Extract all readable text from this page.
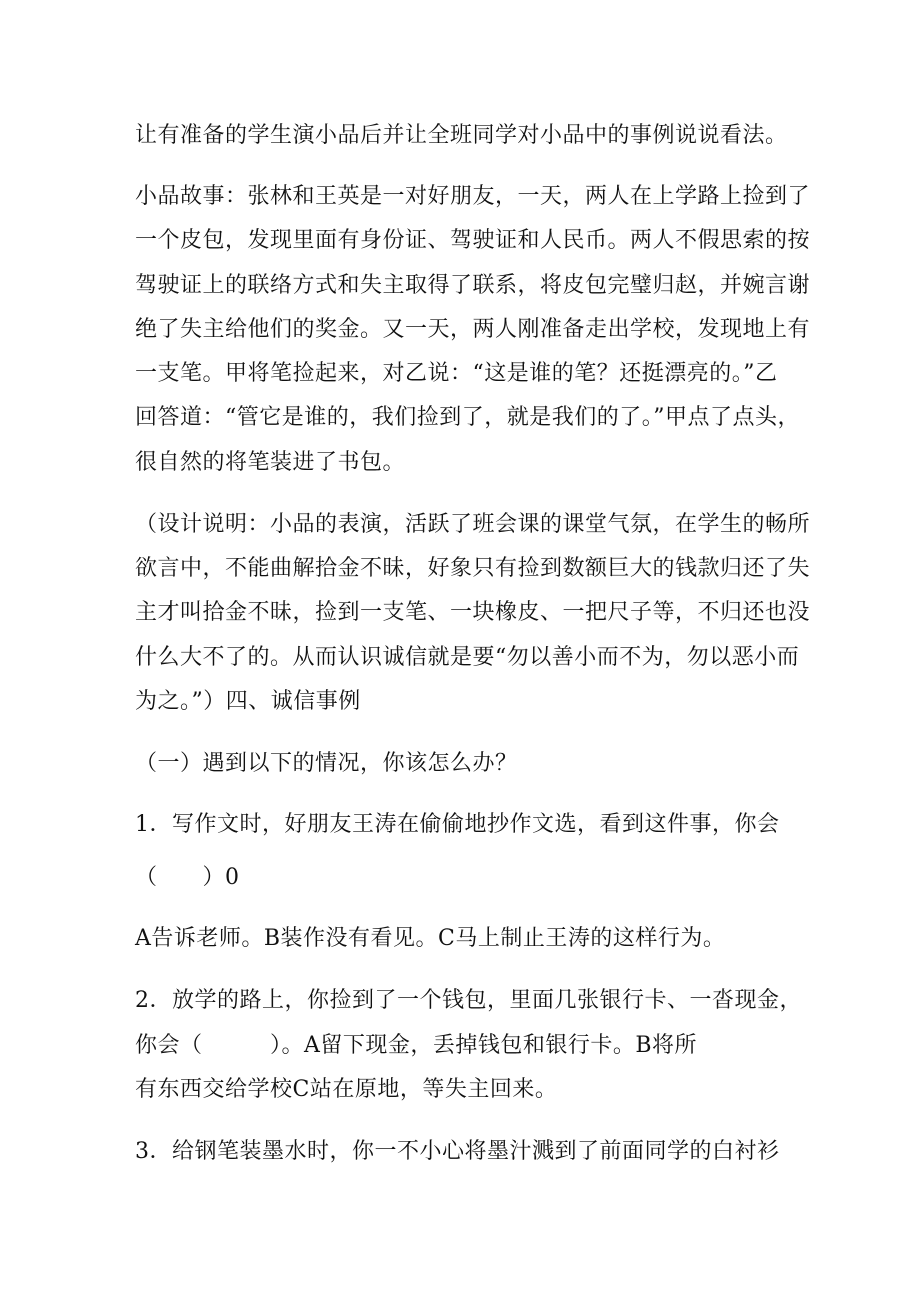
让有准备的学生演小品后并让全班同学对小品中的事例说说看法。
小品故事：张林和王英是一对好朋友，一天，两人在上学路上捡到了
一个皮包，发现里面有身份证、驾驶证和人民币。两人不假思索的按
驾驶证上的联络方式和失主取得了联系，将皮包完璧归赵，并婉言谢
绝了失主给他们的奖金。又一天，两人刚准备走出学校，发现地上有
一支笔。甲将笔捡起来，对乙说：“这是谁的笔？还挺漂亮的。”乙
回答道：“管它是谁的，我们捡到了，就是我们的了。”甲点了点头，
很自然的将笔装进了书包。
（设计说明：小品的表演，活跃了班会课的课堂气氛，在学生的畅所
欲言中，不能曲解拾金不昧，好象只有捡到数额巨大的钱款归还了失
主才叫拾金不昧，捡到一支笔、一块橡皮、一把尺子等，不归还也没
什么大不了的。从而认识诚信就是要“勿以善小而不为，勿以恶小而
为之。”）四、诚信事例
（一）遇到以下的情况，你该怎么办？
1．写作文时，好朋友王涛在偷偷地抄作文选，看到这件事，你会
（　　）0
A告诉老师。B装作没有看见。C马上制止王涛的这样行为。
2．放学的路上，你捡到了一个钱包，里面几张银行卡、一沓现金，
你会（　　　）。A留下现金，丢掉钱包和银行卡。B将所
有东西交给学校C站在原地，等失主回来。
3．给钢笔装墨水时，你一不小心将墨汁溅到了前面同学的白衬衫
